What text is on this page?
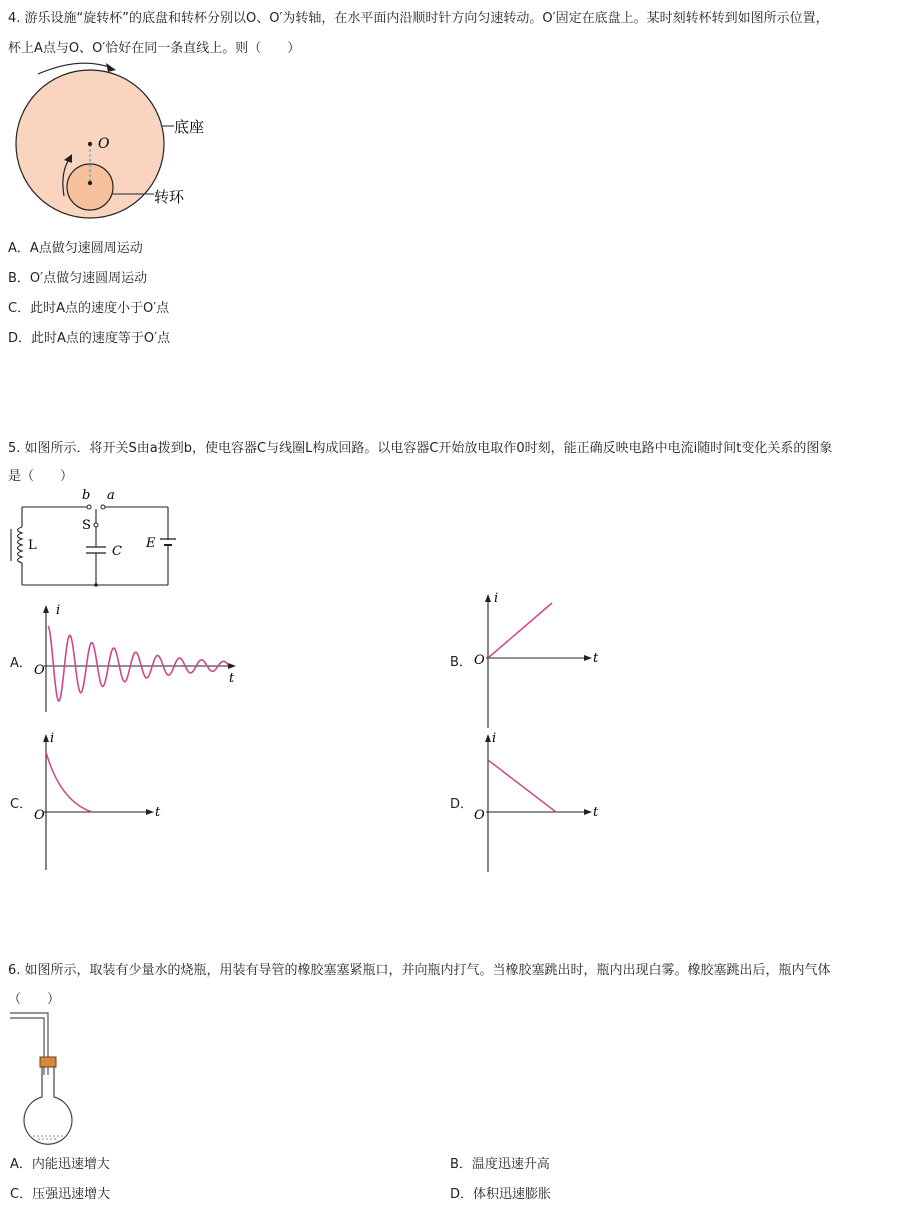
4. 游乐设施“旋转杯”的底盘和转杯分别以O、O′为转轴，在水平面内沿顺时针方向匀速转动。O′固定在底盘上。某时刻转杯转到如图所示位置，
杯上A点与O、O′恰好在同一条直线上。则（　　）
O
底座
转环
A．A点做匀速圆周运动
B．O′点做匀速圆周运动
C．此时A点的速度小于O′点
D．此时A点的速度等于O′点
5. 如图所示．将开关S由a拨到b，使电容器C与线圈L构成回路。以电容器C开始放电取作0时刻，能正确反映电路中电流i随时间t变化关系的图象
是（　　）
L
b a
S
C
E
A．
i
t
O
B．
i
t
O
C．
i
t
O
D．
i
t
O
6. 如图所示，取装有少量水的烧瓶，用装有导管的橡胶塞塞紧瓶口，并向瓶内打气。当橡胶塞跳出时，瓶内出现白雾。橡胶塞跳出后，瓶内气体
（　　）
A．内能迅速增大	B．温度迅速升高
C．压强迅速增大	D．体积迅速膨胀
